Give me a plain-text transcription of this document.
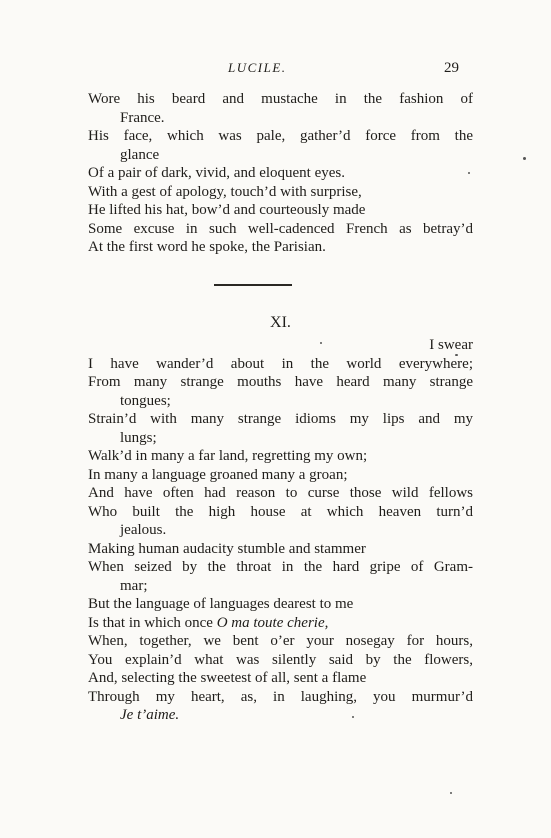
LUCILE.	29
Wore his beard and mustache in the fashion of
France.
His face, which was pale, gather’d force from the
glance
Of a pair of dark, vivid, and eloquent eyes.
With a gest of apology, touch’d with surprise,
He lifted his hat, bow’d and courteously made
Some excuse in such well-cadenced French as betray’d
At the first word he spoke, the Parisian.
XI.
I swear
I have wander’d about in the world everywhere;
From many strange mouths have heard many strange
tongues;
Strain’d with many strange idioms my lips and my
lungs;
Walk’d in many a far land, regretting my own;
In many a language groaned many a groan;
And have often had reason to curse those wild fellows
Who built the high house at which heaven turn’d
jealous.
Making human audacity stumble and stammer
When seized by the throat in the hard gripe of Gram-
mar;
But the language of languages dearest to me
Is that in which once O ma toute cherie,
When, together, we bent o’er your nosegay for hours,
You explain’d what was silently said by the flowers,
And, selecting the sweetest of all, sent a flame
Through my heart, as, in laughing, you murmur’d
Je t’aime.
